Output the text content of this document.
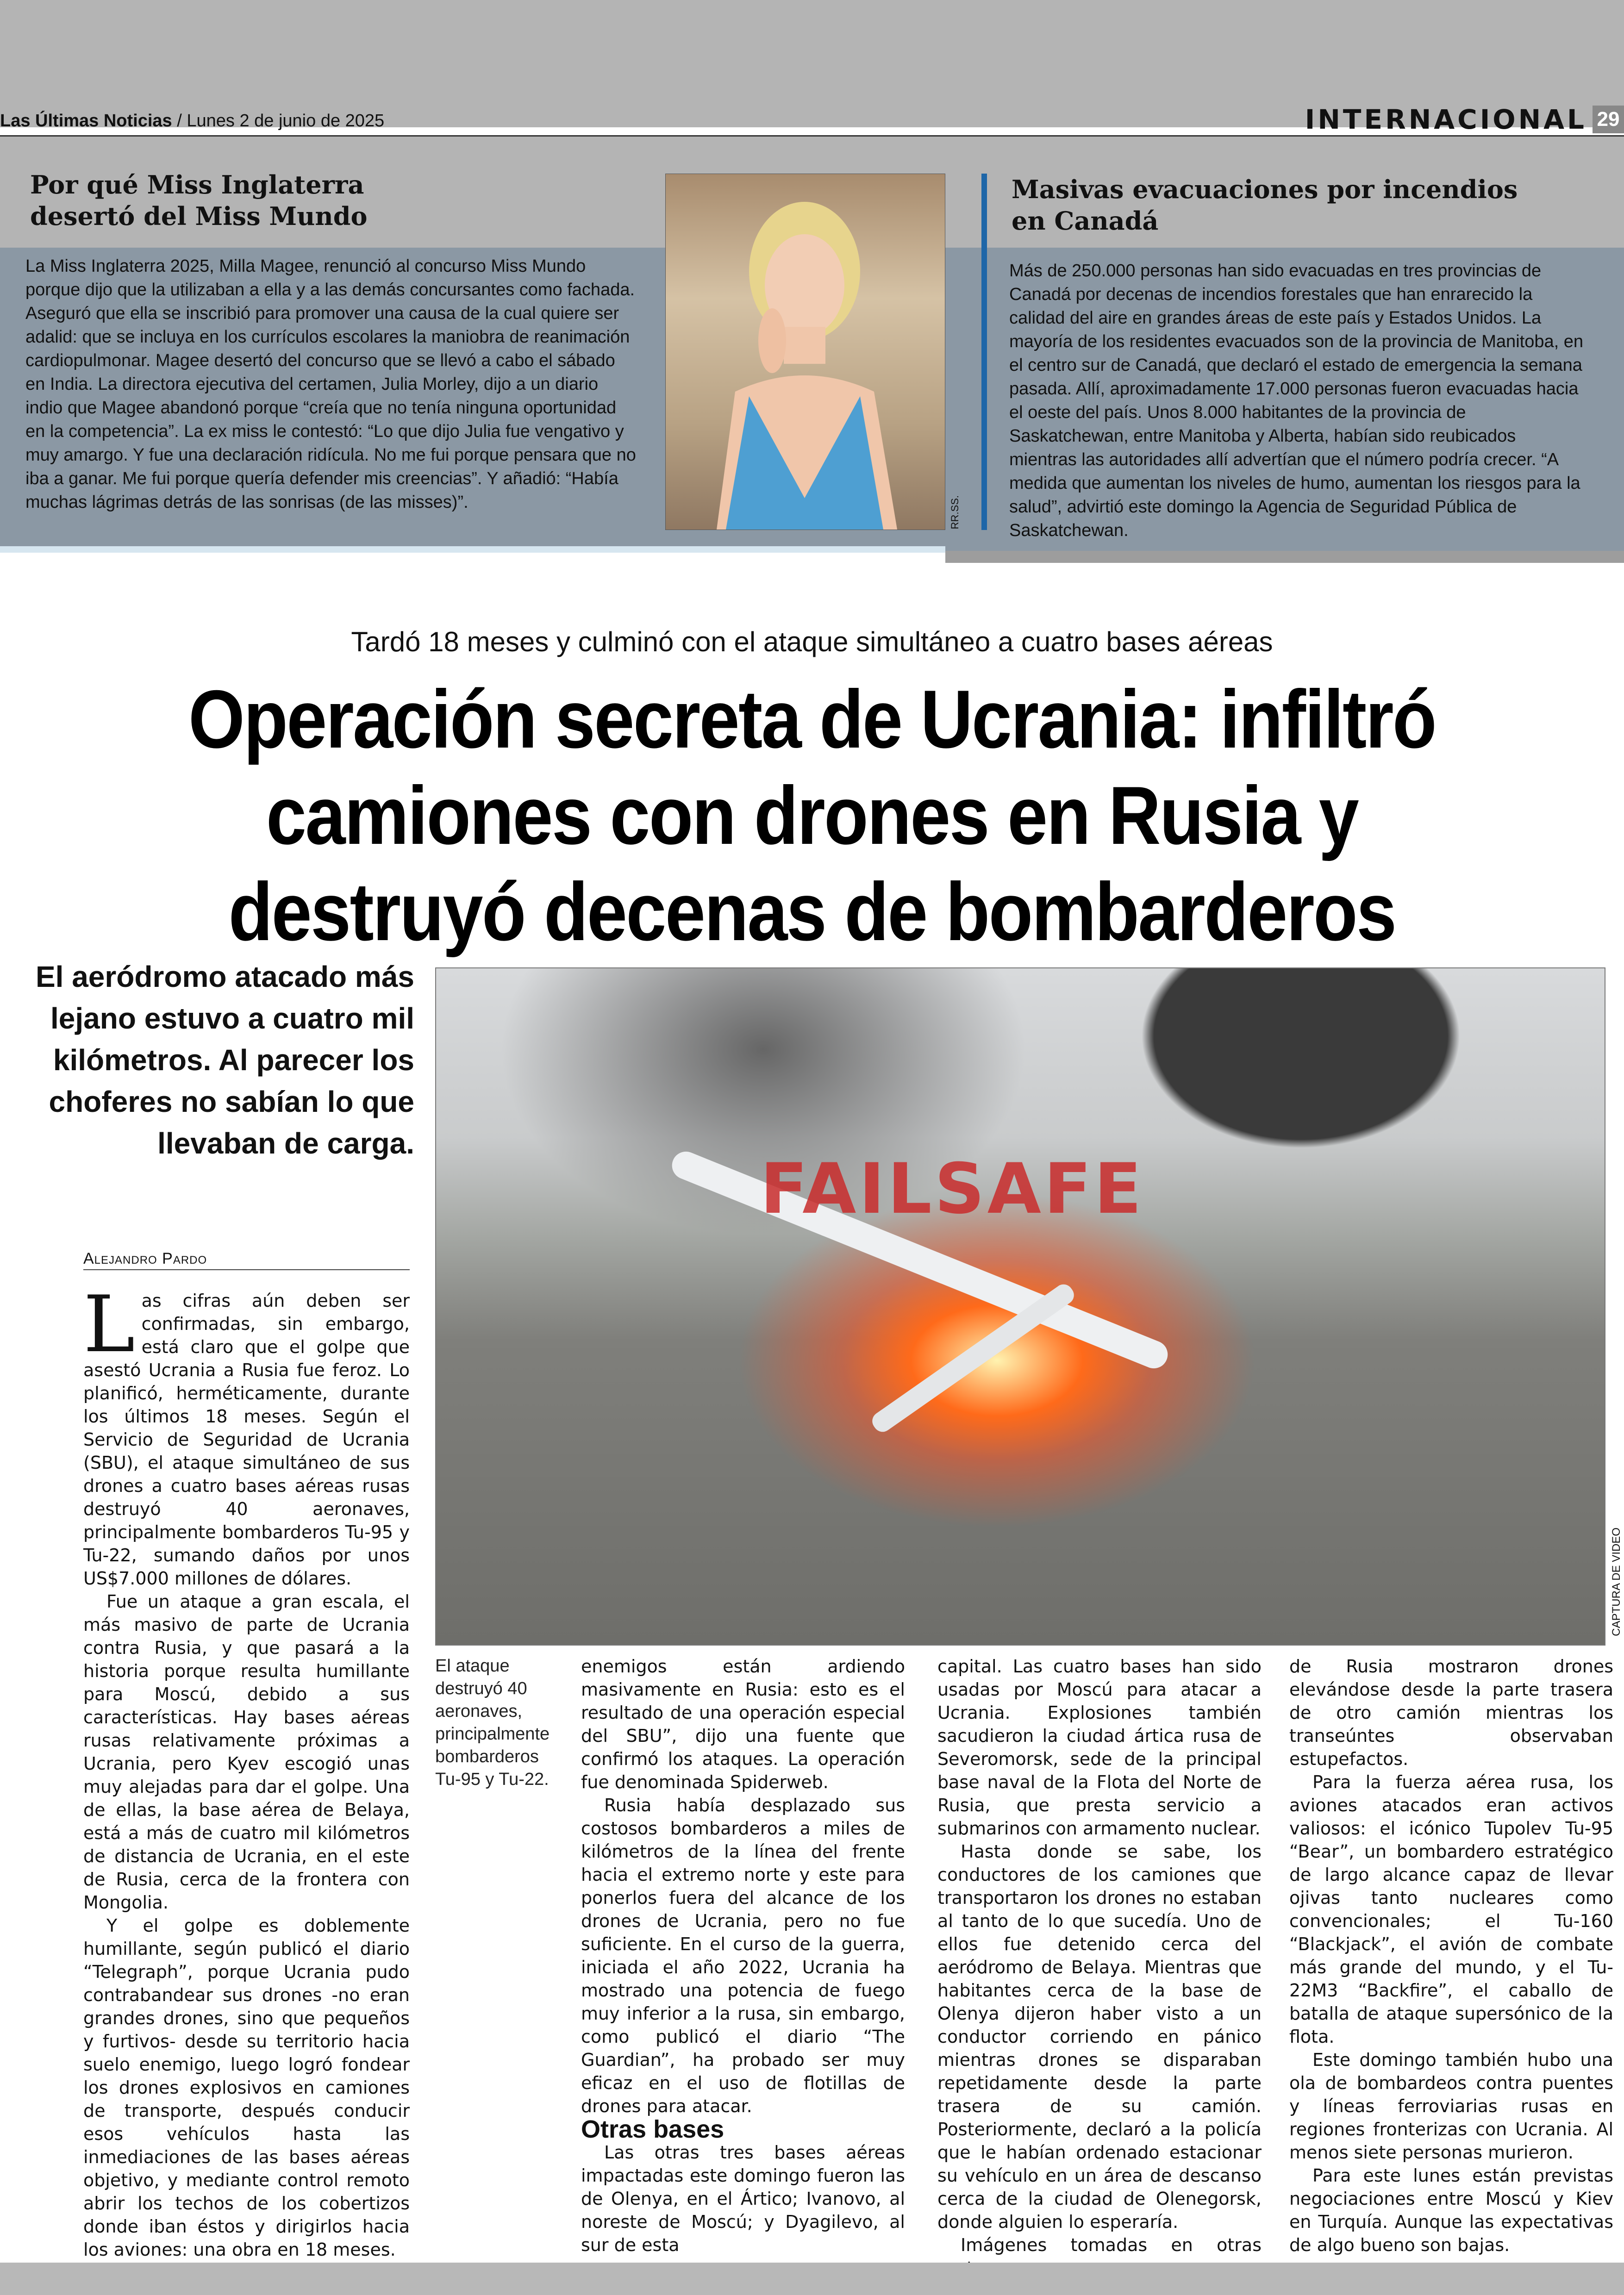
Las Últimas Noticias / Lunes 2 de junio de 2025	INTERNACIONAL 29
Por qué Miss Inglaterra desertó del Miss Mundo
La Miss Inglaterra 2025, Milla Magee, renunció al concurso Miss Mundo porque dijo que la utilizaban a ella y a las demás concursantes como fachada. Aseguró que ella se inscribió para promover una causa de la cual quiere ser adalid: que se incluya en los currículos escolares la maniobra de reanimación cardiopulmonar. Magee desertó del concurso que se llevó a cabo el sábado en India. La directora ejecutiva del certamen, Julia Morley, dijo a un diario indio que Magee abandonó porque “creía que no tenía ninguna oportunidad en la competencia”. La ex miss le contestó: “Lo que dijo Julia fue vengativo y muy amargo. Y fue una declaración ridícula. No me fui porque pensara que no iba a ganar. Me fui porque quería defender mis creencias”. Y añadió: “Había muchas lágrimas detrás de las sonrisas (de las misses)”.	RR.SS.
Masivas evacuaciones por incendios en Canadá
Más de 250.000 personas han sido evacuadas en tres provincias de Canadá por decenas de incendios forestales que han enrarecido la calidad del aire en grandes áreas de este país y Estados Unidos. La mayoría de los residentes evacuados son de la provincia de Manitoba, en el centro sur de Canadá, que declaró el estado de emergencia la semana pasada. Allí, aproximadamente 17.000 personas fueron evacuadas hacia el oeste del país. Unos 8.000 habitantes de la provincia de Saskatchewan, entre Manitoba y Alberta, habían sido reubicados mientras las autoridades allí advertían que el número podría crecer. “A medida que aumentan los niveles de humo, aumentan los riesgos para la salud”, advirtió este domingo la Agencia de Seguridad Pública de Saskatchewan.
Tardó 18 meses y culminó con el ataque simultáneo a cuatro bases aéreas
Operación secreta de Ucrania: infiltró camiones con drones en Rusia y destruyó decenas de bombarderos
El aeródromo atacado más lejano estuvo a cuatro mil kilómetros. Al parecer los choferes no sabían lo que llevaban de carga.
FAILSAFE
CAPTURA DE VIDEO
El ataque destruyó 40 aeronaves, principalmente bombarderos Tu-95 y Tu-22.
Alejandro Pardo

Las cifras aún deben ser confirmadas, sin embargo, está claro que el golpe que asestó Ucrania a Rusia fue feroz. Lo planificó, herméticamente, durante los últimos 18 meses. Según el Servicio de Seguridad de Ucrania (SBU), el ataque simultáneo de sus drones a cuatro bases aéreas rusas destruyó 40 aeronaves, principalmente bombarderos Tu-95 y Tu-22, sumando daños por unos US$7.000 millones de dólares.

Fue un ataque a gran escala, el más masivo de parte de Ucrania contra Rusia, y que pasará a la historia porque resulta humillante para Moscú, debido a sus características. Hay bases aéreas rusas relativamente próximas a Ucrania, pero Kyev escogió unas muy alejadas para dar el golpe. Una de ellas, la base aérea de Belaya, está a más de cuatro mil kilómetros de distancia de Ucrania, en el este de Rusia, cerca de la frontera con Mongolia.

Y el golpe es doblemente humillante, según publicó el diario “Telegraph”, porque Ucrania pudo contrabandear sus drones -no eran grandes drones, sino que pequeños y furtivos- desde su territorio hacia suelo enemigo, luego logró fondear los drones explosivos en camiones de transporte, después conducir esos vehículos hasta las inmediaciones de las bases aéreas objetivo, y mediante control remoto abrir los techos de los cobertizos donde iban éstos y dirigirlos hacia los aviones: una obra en 18 meses.

enemigos están ardiendo masivamente en Rusia: esto es el resultado de una operación especial del SBU”, dijo una fuente que confirmó los ataques. La operación fue denominada Spiderweb.

Rusia había desplazado sus costosos bombarderos a miles de kilómetros de la línea del frente hacia el extremo norte y este para ponerlos fuera del alcance de los drones de Ucrania, pero no fue suficiente. En el curso de la guerra, iniciada el año 2022, Ucrania ha mostrado una potencia de fuego muy inferior a la rusa, sin embargo, como publicó el diario “The Guardian”, ha probado ser muy eficaz en el uso de flotillas de drones para atacar.

Otras bases

Las otras tres bases aéreas impactadas este domingo fueron las de Olenya, en el Ártico; Ivanovo, al noreste de Moscú; y Dyagilevo, al sur de esta

capital. Las cuatro bases han sido usadas por Moscú para atacar a Ucrania. Explosiones también sacudieron la ciudad ártica rusa de Severomorsk, sede de la principal base naval de la Flota del Norte de Rusia, que presta servicio a submarinos con armamento nuclear.

Hasta donde se sabe, los conductores de los camiones que transportaron los drones no estaban al tanto de lo que sucedía. Uno de ellos fue detenido cerca del aeródromo de Belaya. Mientras que habitantes cerca de la base de Olenya dijeron haber visto a un conductor corriendo en pánico mientras drones se disparaban repetidamente desde la parte trasera de su camión. Posteriormente, declaró a la policía que le habían ordenado estacionar su vehículo en un área de descanso cerca de la ciudad de Olenegorsk, donde alguien lo esperaría.

Imágenes tomadas en otras

de Rusia mostraron drones elevándose desde la parte trasera de otro camión mientras los transeúntes observaban estupefactos.

Para la fuerza aérea rusa, los aviones atacados eran activos valiosos: el icónico Tupolev Tu-95 “Bear”, un bombardero estratégico de largo alcance capaz de llevar ojivas tanto nucleares como convencionales; el Tu-160 “Blackjack”, el avión de combate más grande del mundo, y el Tu-22M3 “Backfire”, el caballo de batalla de ataque supersónico de la flota.

Este domingo también hubo una ola de bombardeos contra puentes y líneas ferroviarias rusas en regiones fronterizas con Ucrania. Al menos siete personas murieron.

Para este lunes están previstas negociaciones entre Moscú y Kiev en Turquía. Aunque las expectativas de algo bueno son bajas.
